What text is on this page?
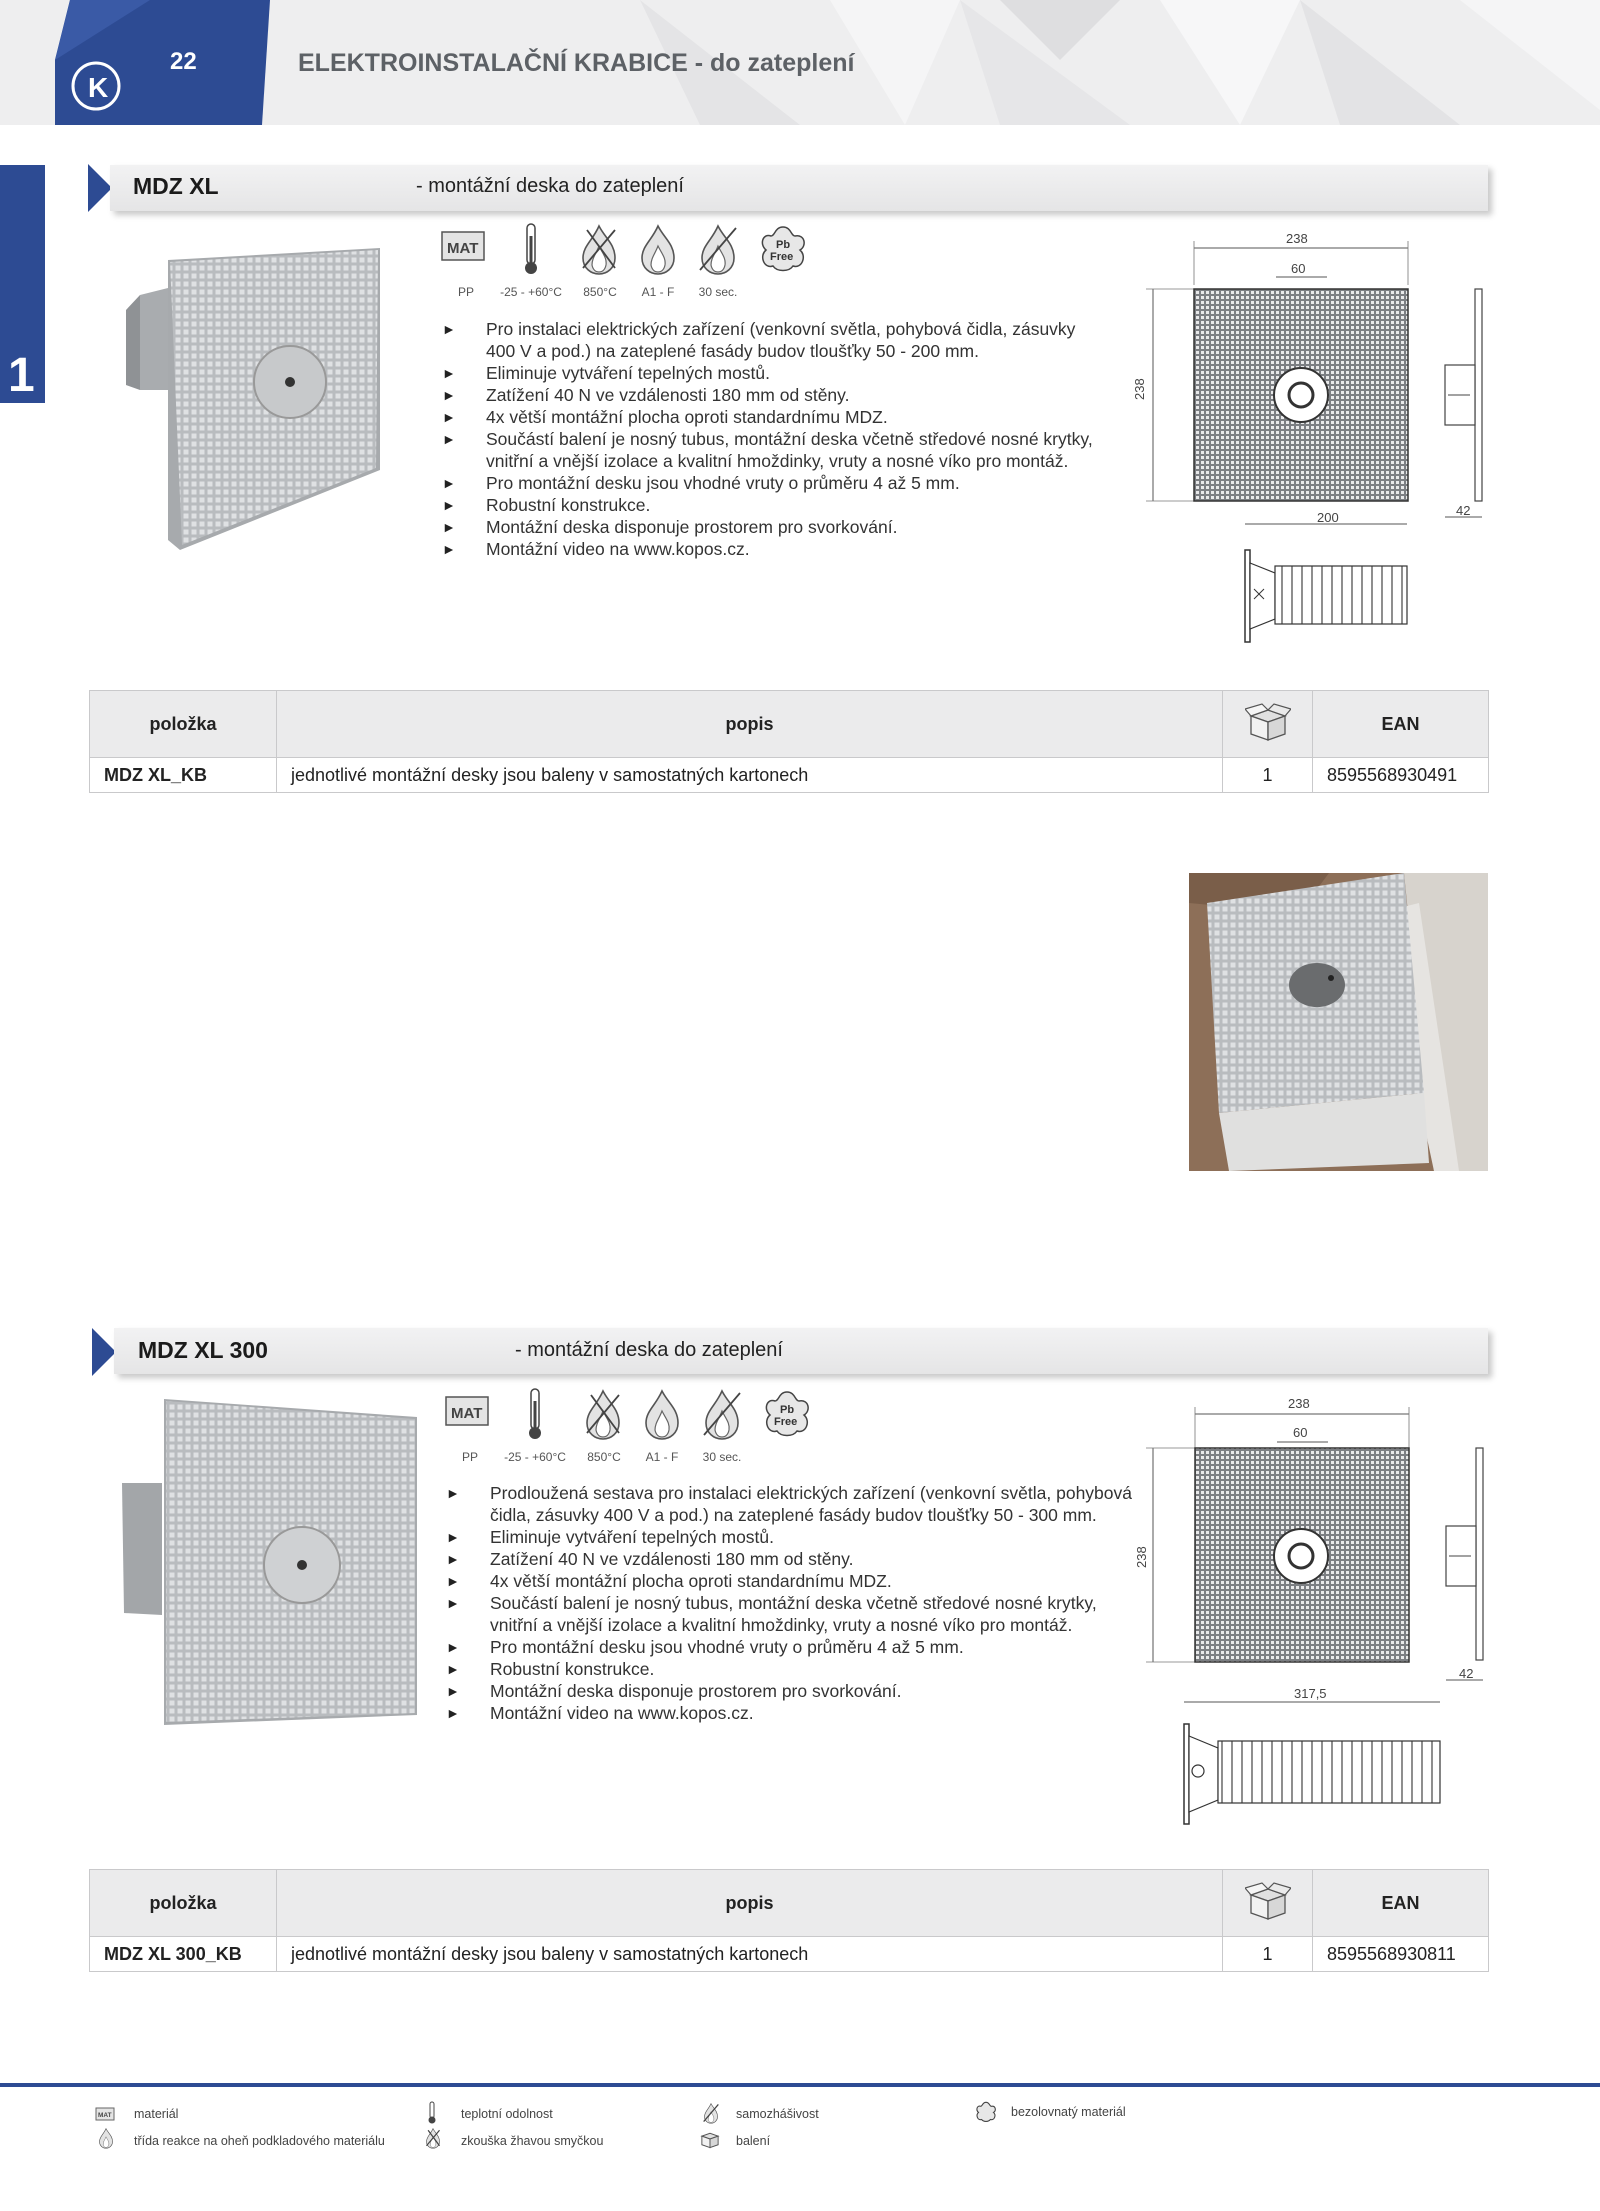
K
22	ELEKTROINSTALAČNÍ KRABICE - do zateplení
1
MDZ XL	- montážní deska do zateplení
MAT	Pb
Free
PP	-25 - +60°C	850°C	A1 - F	30 sec.
► Pro instalaci elektrických zařízení (venkovní světla, pohybová čidla, zásuvky 400 V a pod.) na zateplené fasády budov tloušťky 50 - 200 mm.
► Eliminuje vytváření tepelných mostů.
► Zatížení 40 N ve vzdálenosti 180 mm od stěny.
► 4x větší montážní plocha oproti standardnímu MDZ.
► Součástí balení je nosný tubus, montážní deska včetně středové nosné krytky, vnitřní a vnější izolace a kvalitní hmoždinky, vruty a nosné víko pro montáž.
► Pro montážní desku jsou vhodné vruty o průměru 4 až 5 mm.
► Robustní konstrukce.
► Montážní deska disponuje prostorem pro svorkování.
► Montážní video na www.kopos.cz.
238
60
238
42
200
položka	popis		EAN
MDZ XL_KB	jednotlivé montážní desky jsou baleny v samostatných kartonech	1	8595568930491
MDZ XL 300	- montážní deska do zateplení
MAT	Pb
Free
PP	-25 - +60°C	850°C	A1 - F	30 sec.
► Prodloužená sestava pro instalaci elektrických zařízení (venkovní světla, pohybová čidla, zásuvky 400 V a pod.) na zateplené fasády budov tloušťky 50 - 300 mm.
► Eliminuje vytváření tepelných mostů.
► Zatížení 40 N ve vzdálenosti 180 mm od stěny.
► 4x větší montážní plocha oproti standardnímu MDZ.
► Součástí balení je nosný tubus, montážní deska včetně středové nosné krytky, vnitřní a vnější izolace a kvalitní hmoždinky, vruty a nosné víko pro montáž.
► Pro montážní desku jsou vhodné vruty o průměru 4 až 5 mm.
► Robustní konstrukce.
► Montážní deska disponuje prostorem pro svorkování.
► Montážní video na www.kopos.cz.
238
60
238
42
317,5
položka	popis		EAN
MDZ XL 300_KB	jednotlivé montážní desky jsou baleny v samostatných kartonech	1	8595568930811
MAT materiál	teplotní odolnost	samozhášivost	bezolovnatý materiál
třída reakce na oheň podkladového materiálu	zkouška žhavou smyčkou	balení
